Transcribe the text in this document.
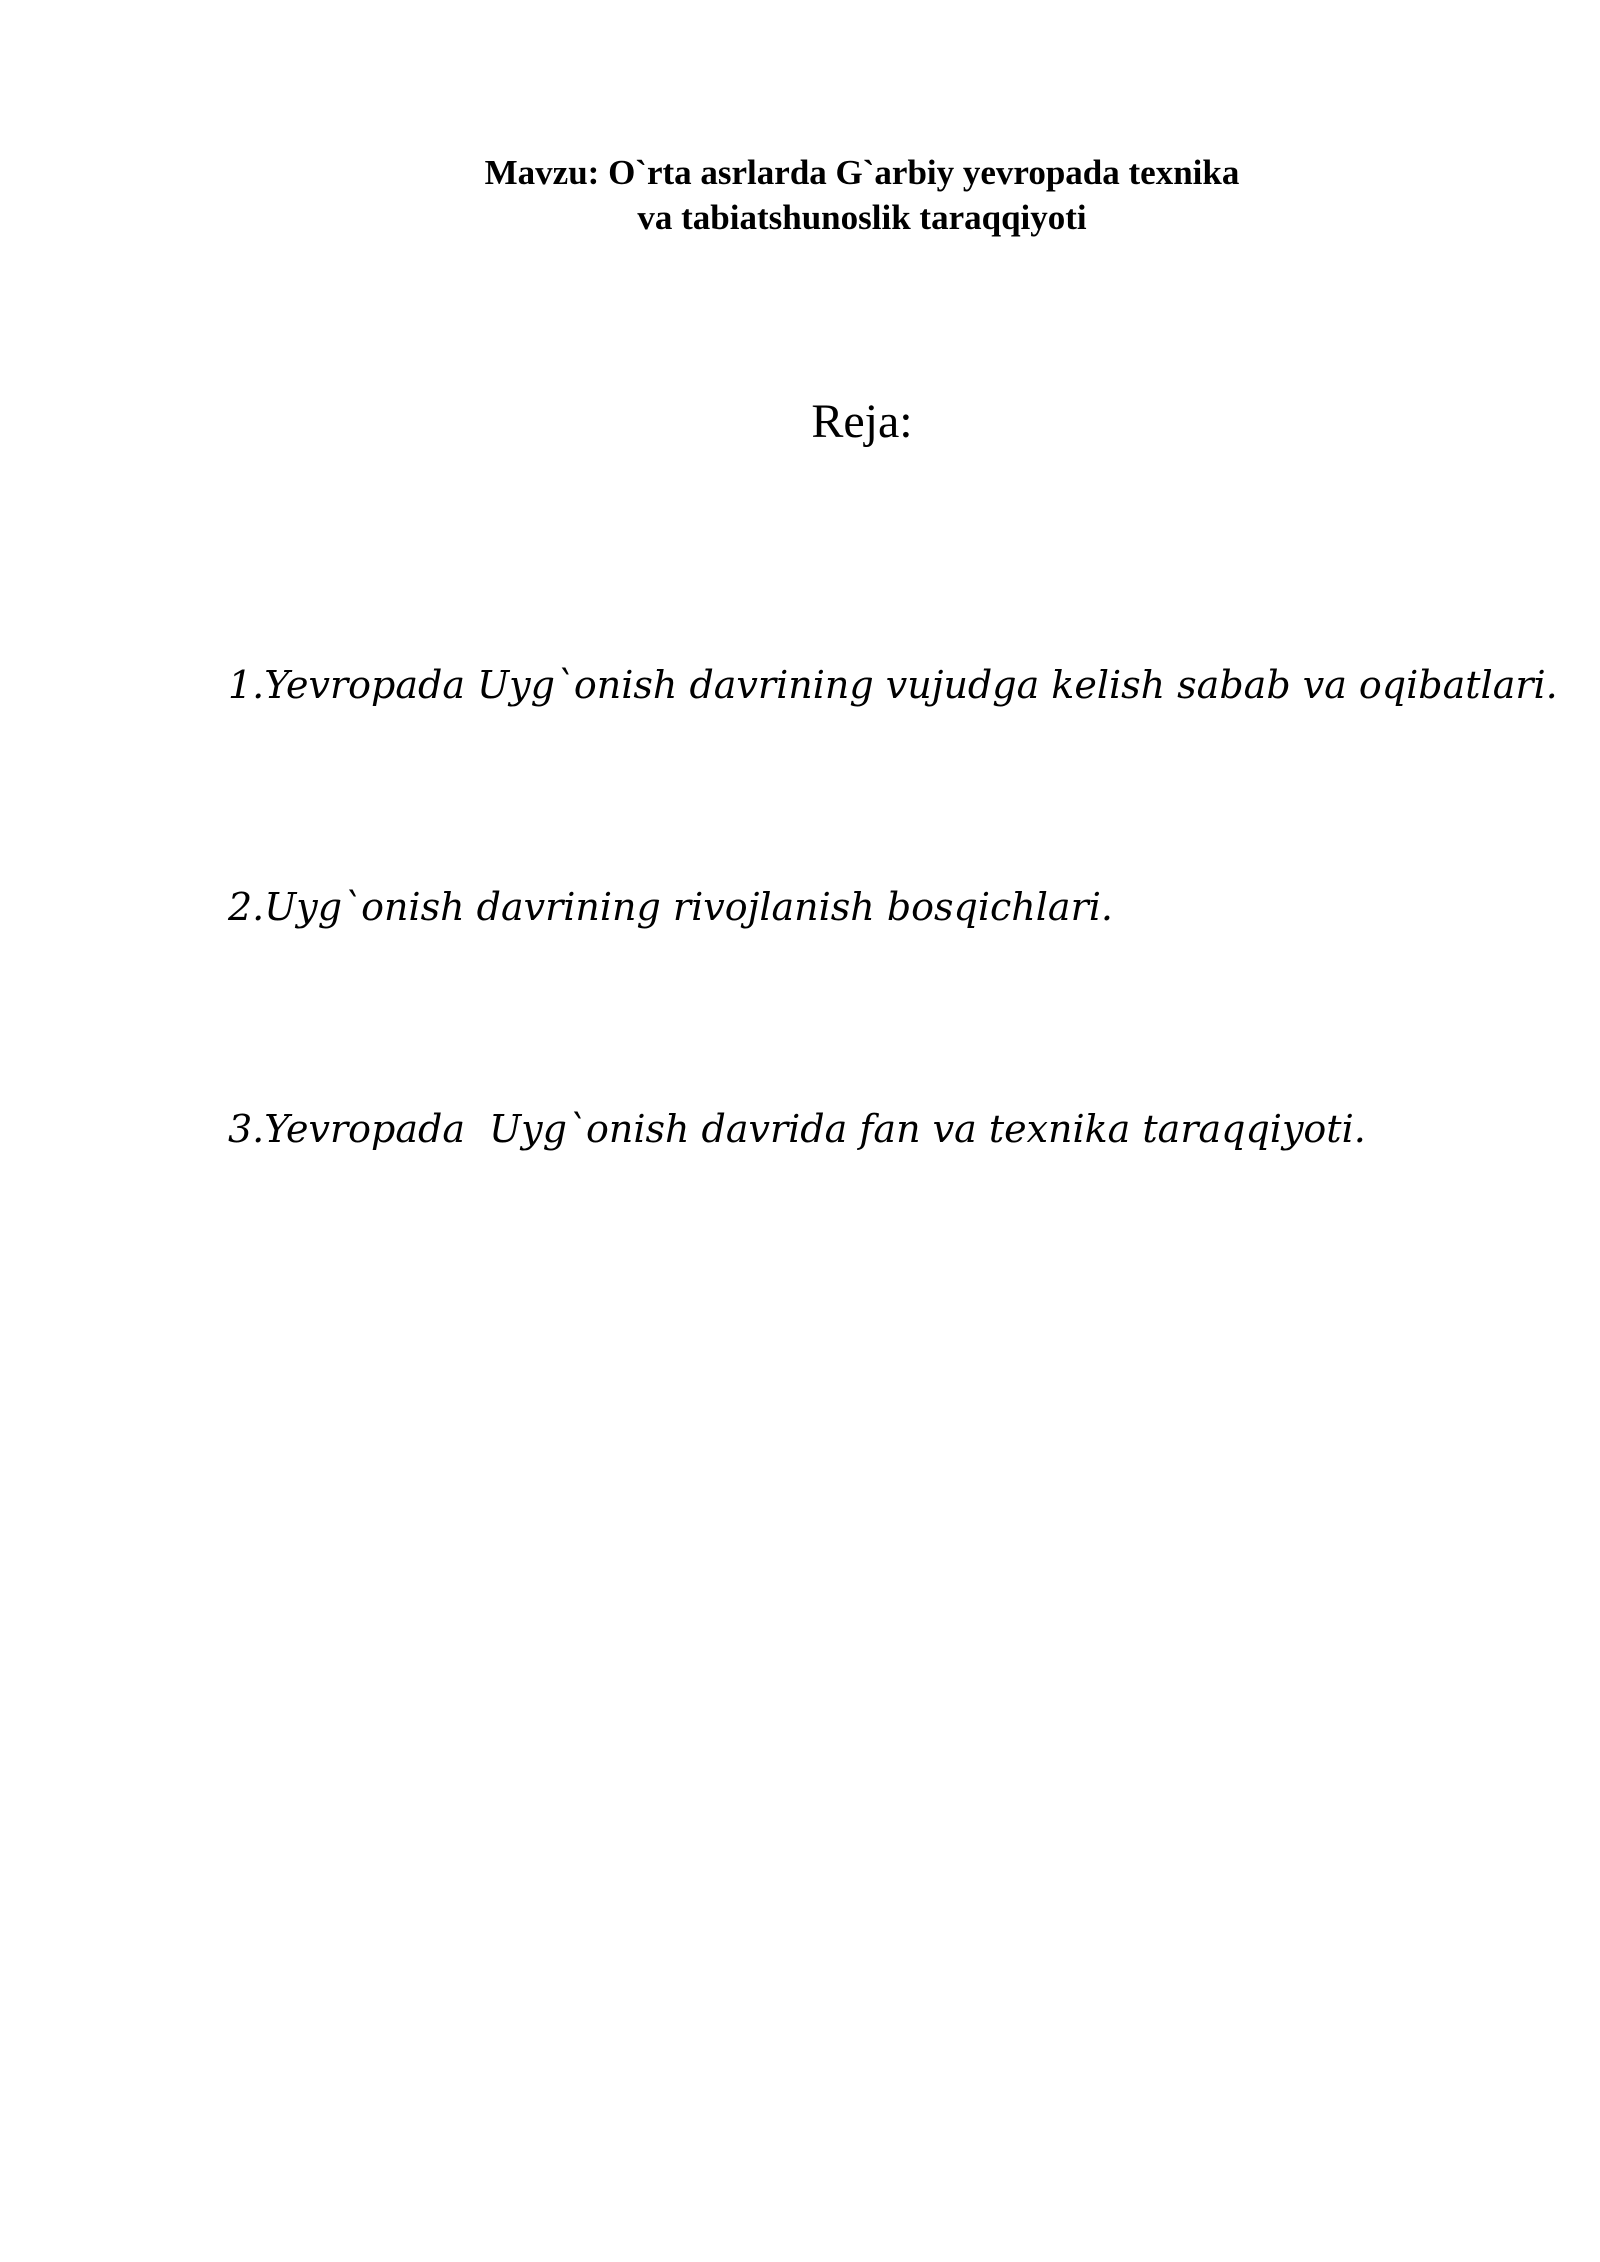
Mavzu: O`rta asrlarda G`arbiy yevropada texnika
va tabiatshunoslik taraqqiyoti
Reja:

1.Yevropada Uyg`onish davrining vujudga kelish sabab va oqibatlari.

2.Uyg`onish davrining rivojlanish bosqichlari.

3.Yevropada  Uyg`onish davrida fan va texnika taraqqiyoti.
